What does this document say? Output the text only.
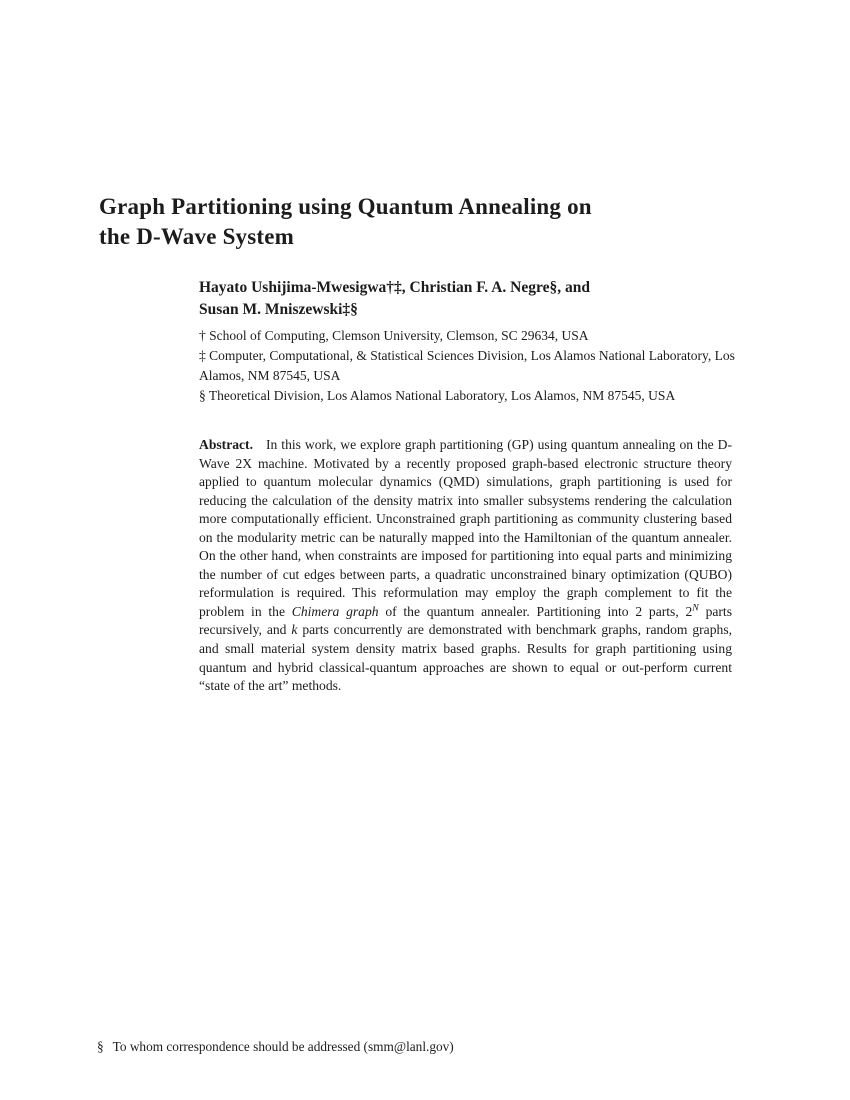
Graph Partitioning using Quantum Annealing on
the D-Wave System
Hayato Ushijima-Mwesigwa†‡, Christian F. A. Negre§, and
Susan M. Mniszewski‡§
† School of Computing, Clemson University, Clemson, SC 29634, USA
‡ Computer, Computational, & Statistical Sciences Division, Los Alamos National Laboratory, Los Alamos, NM 87545, USA
§ Theoretical Division, Los Alamos National Laboratory, Los Alamos, NM 87545, USA
Abstract. In this work, we explore graph partitioning (GP) using quantum annealing on the D-Wave 2X machine. Motivated by a recently proposed graph-based electronic structure theory applied to quantum molecular dynamics (QMD) simulations, graph partitioning is used for reducing the calculation of the density matrix into smaller subsystems rendering the calculation more computationally efficient. Unconstrained graph partitioning as community clustering based on the modularity metric can be naturally mapped into the Hamiltonian of the quantum annealer. On the other hand, when constraints are imposed for partitioning into equal parts and minimizing the number of cut edges between parts, a quadratic unconstrained binary optimization (QUBO) reformulation is required. This reformulation may employ the graph complement to fit the problem in the Chimera graph of the quantum annealer. Partitioning into 2 parts, $2^N$ parts recursively, and k parts concurrently are demonstrated with benchmark graphs, random graphs, and small material system density matrix based graphs. Results for graph partitioning using quantum and hybrid classical-quantum approaches are shown to equal or out-perform current “state of the art” methods.
§ To whom correspondence should be addressed (smm@lanl.gov)
